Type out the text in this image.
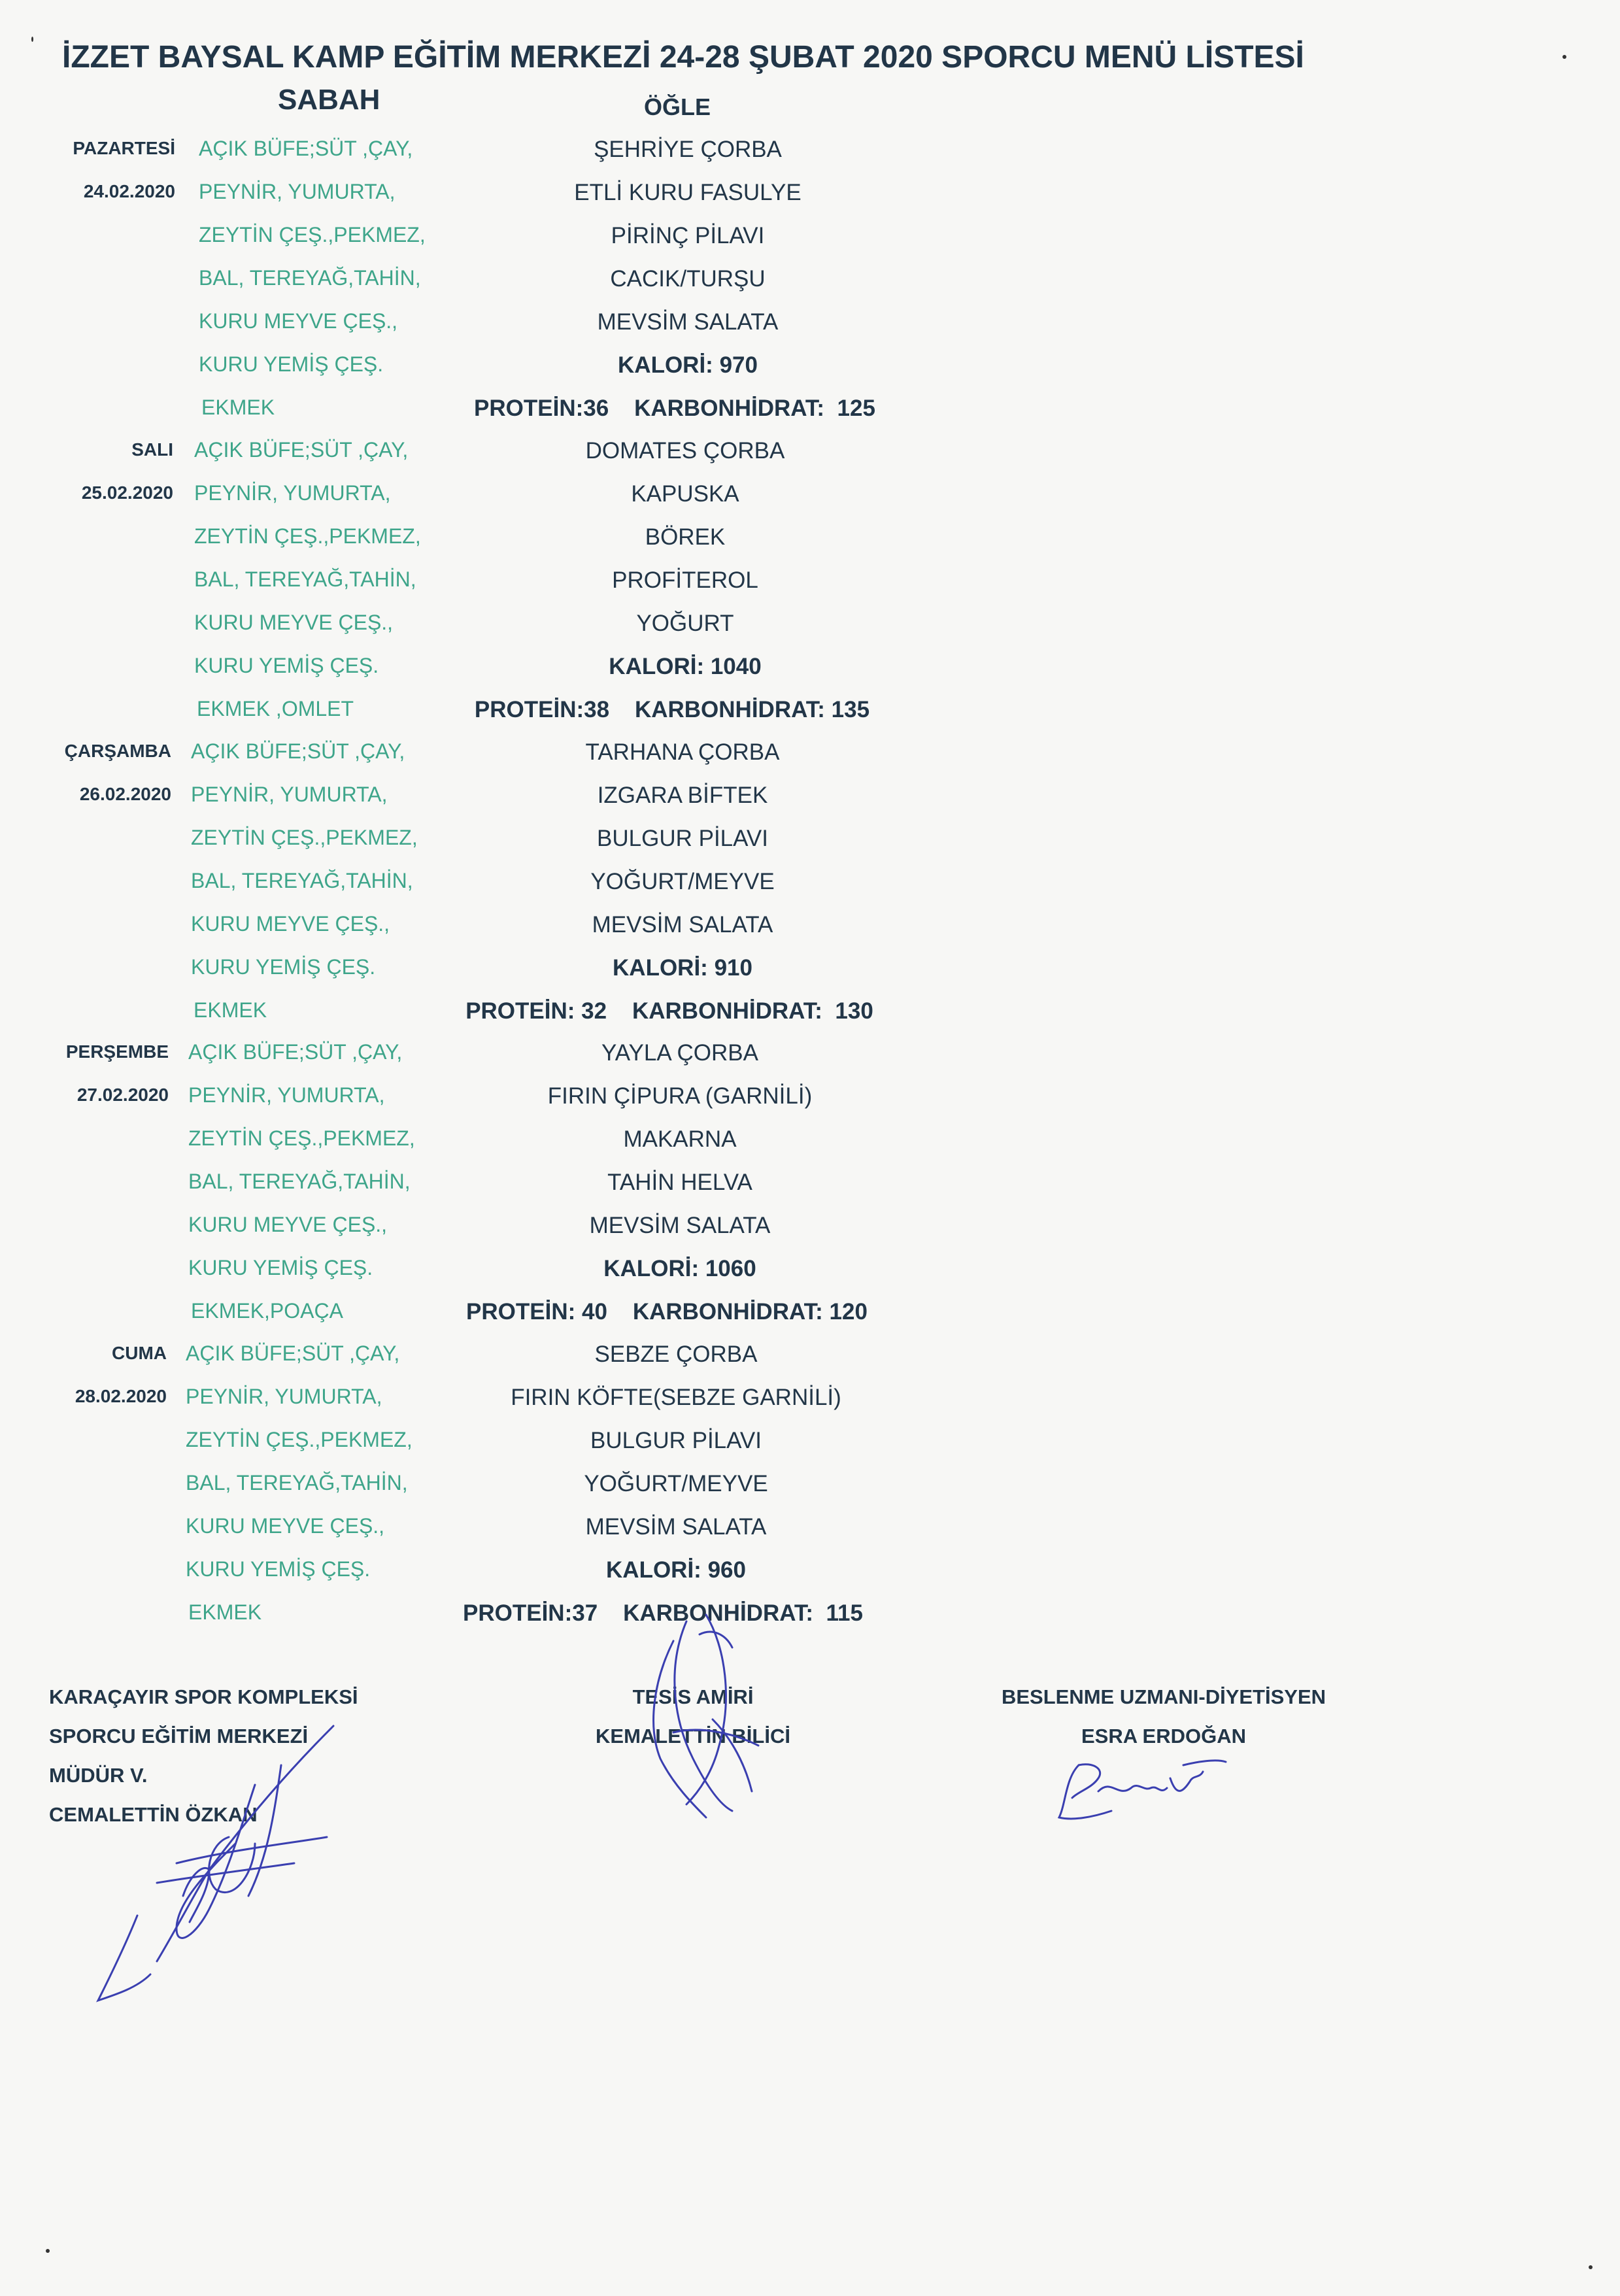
İZZET BAYSAL KAMP EĞİTİM MERKEZİ 24-28 ŞUBAT 2020 SPORCU MENÜ LİSTESİ
SABAH	ÖĞLE
PAZARTESİ
24.02.2020
AÇIK BÜFE;SÜT ,ÇAY,
PEYNİR, YUMURTA,
ZEYTİN ÇEŞ.,PEKMEZ,
BAL, TEREYAĞ,TAHİN,
KURU MEYVE ÇEŞ.,
KURU YEMİŞ ÇEŞ.
EKMEK
ŞEHRİYE ÇORBA
ETLİ KURU FASULYE
PİRİNÇ PİLAVI
CACIK/TURŞU
MEVSİM SALATA
KALORİ: 970
PROTEİN:36    KARBONHİDRAT:  125
SALI
25.02.2020
AÇIK BÜFE;SÜT ,ÇAY,
PEYNİR, YUMURTA,
ZEYTİN ÇEŞ.,PEKMEZ,
BAL, TEREYAĞ,TAHİN,
KURU MEYVE ÇEŞ.,
KURU YEMİŞ ÇEŞ.
EKMEK ,OMLET
DOMATES ÇORBA
KAPUSKA
BÖREK
PROFİTEROL
YOĞURT
KALORİ: 1040
PROTEİN:38    KARBONHİDRAT: 135
ÇARŞAMBA
26.02.2020
AÇIK BÜFE;SÜT ,ÇAY,
PEYNİR, YUMURTA,
ZEYTİN ÇEŞ.,PEKMEZ,
BAL, TEREYAĞ,TAHİN,
KURU MEYVE ÇEŞ.,
KURU YEMİŞ ÇEŞ.
EKMEK
TARHANA ÇORBA
IZGARA BİFTEK
BULGUR PİLAVI
YOĞURT/MEYVE
MEVSİM SALATA
KALORİ: 910
PROTEİN: 32    KARBONHİDRAT:  130
PERŞEMBE
27.02.2020
AÇIK BÜFE;SÜT ,ÇAY,
PEYNİR, YUMURTA,
ZEYTİN ÇEŞ.,PEKMEZ,
BAL, TEREYAĞ,TAHİN,
KURU MEYVE ÇEŞ.,
KURU YEMİŞ ÇEŞ.
EKMEK,POAÇA
YAYLA ÇORBA
FIRIN ÇİPURA (GARNİLİ)
MAKARNA
TAHİN HELVA
MEVSİM SALATA
KALORİ: 1060
PROTEİN: 40    KARBONHİDRAT: 120
CUMA
28.02.2020
AÇIK BÜFE;SÜT ,ÇAY,
PEYNİR, YUMURTA,
ZEYTİN ÇEŞ.,PEKMEZ,
BAL, TEREYAĞ,TAHİN,
KURU MEYVE ÇEŞ.,
KURU YEMİŞ ÇEŞ.
EKMEK
SEBZE ÇORBA
FIRIN KÖFTE(SEBZE GARNİLİ)
BULGUR PİLAVI
YOĞURT/MEYVE
MEVSİM SALATA
KALORİ: 960
PROTEİN:37    KARBONHİDRAT:  115
KARAÇAYIR SPOR KOMPLEKSİ
SPORCU EĞİTİM MERKEZİ
MÜDÜR V.
CEMALETTİN ÖZKAN
TESİS AMİRİ
KEMALETTİN BİLİCİ
BESLENME UZMANI-DİYETİSYEN
ESRA ERDOĞAN
